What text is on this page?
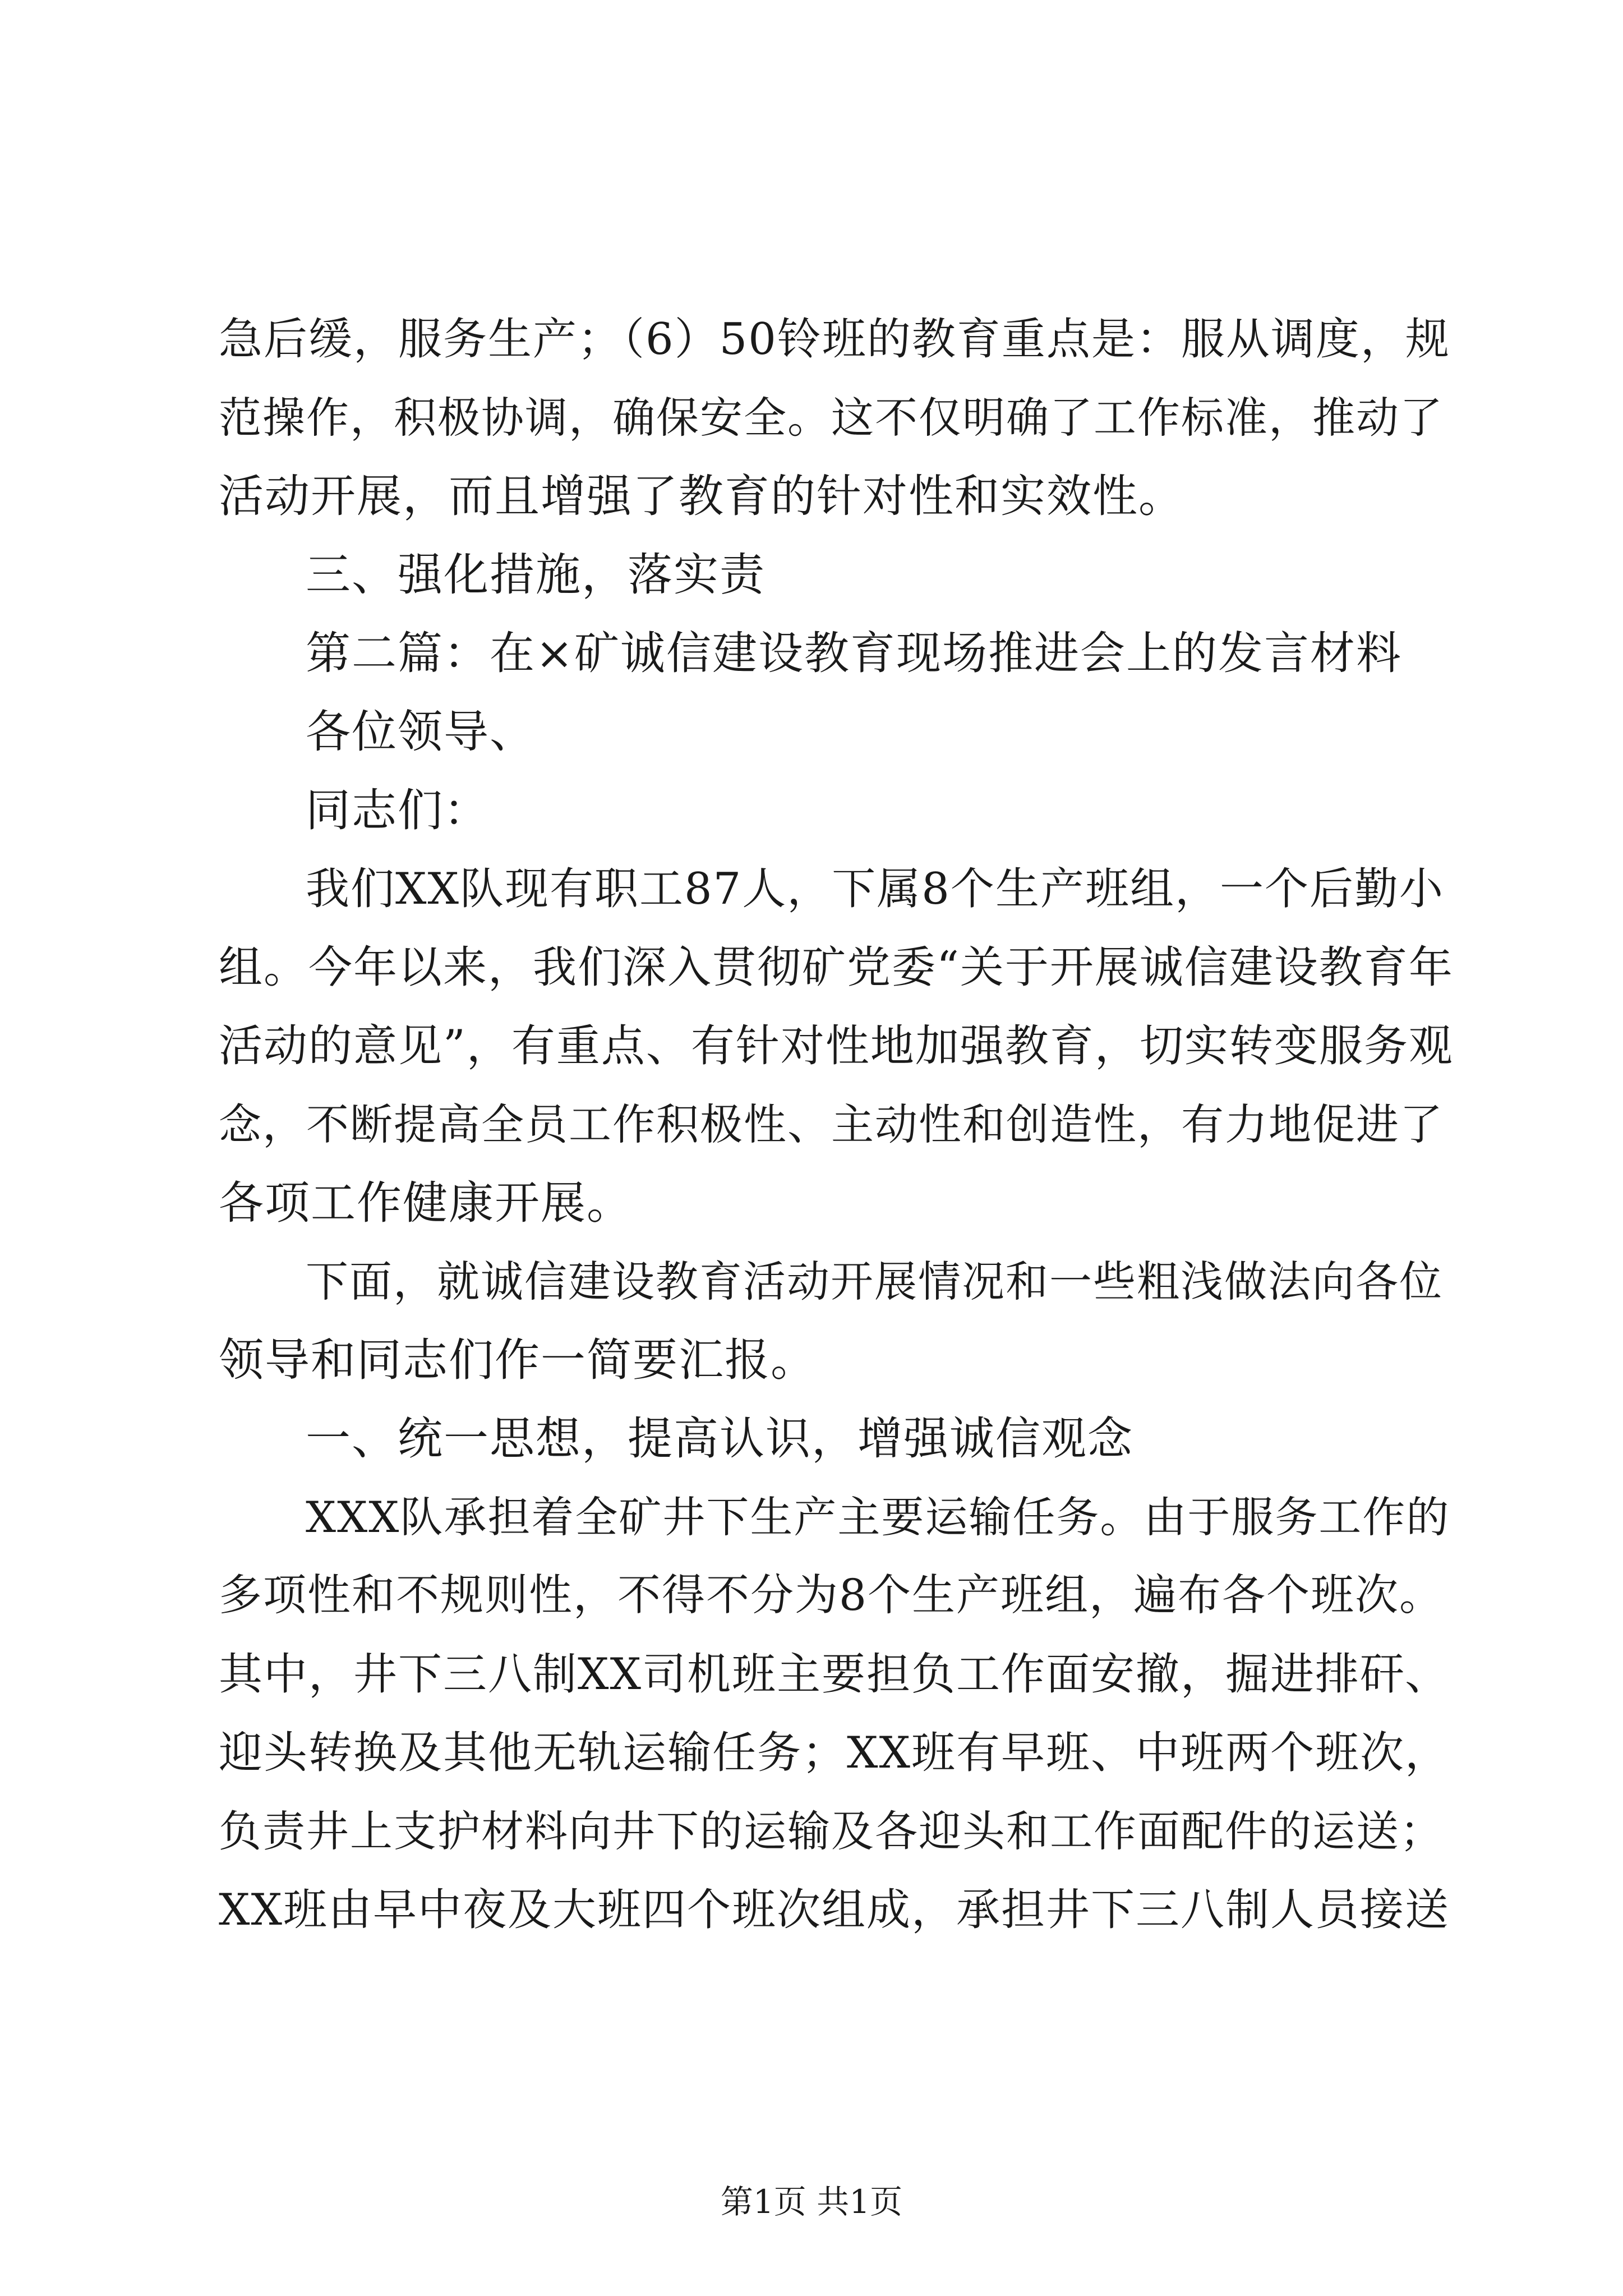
急后缓，服务生产；（6）50铃班的教育重点是：服从调度，规
范操作，积极协调，确保安全。这不仅明确了工作标准，推动了
活动开展，而且增强了教育的针对性和实效性。
三、强化措施，落实责
第二篇：在×矿诚信建设教育现场推进会上的发言材料
各位领导、
同志们：
我们XX队现有职工87人，下属8个生产班组，一个后勤小
组。今年以来，我们深入贯彻矿党委“关于开展诚信建设教育年
活动的意见”，有重点、有针对性地加强教育，切实转变服务观
念，不断提高全员工作积极性、主动性和创造性，有力地促进了
各项工作健康开展。
下面，就诚信建设教育活动开展情况和一些粗浅做法向各位
领导和同志们作一简要汇报。
一、统一思想，提高认识，增强诚信观念
XXX队承担着全矿井下生产主要运输任务。由于服务工作的
多项性和不规则性，不得不分为8个生产班组，遍布各个班次。
其中，井下三八制XX司机班主要担负工作面安撤，掘进排矸、
迎头转换及其他无轨运输任务；XX班有早班、中班两个班次，
负责井上支护材料向井下的运输及各迎头和工作面配件的运送；
XX班由早中夜及大班四个班次组成，承担井下三八制人员接送
第1页 共1页
